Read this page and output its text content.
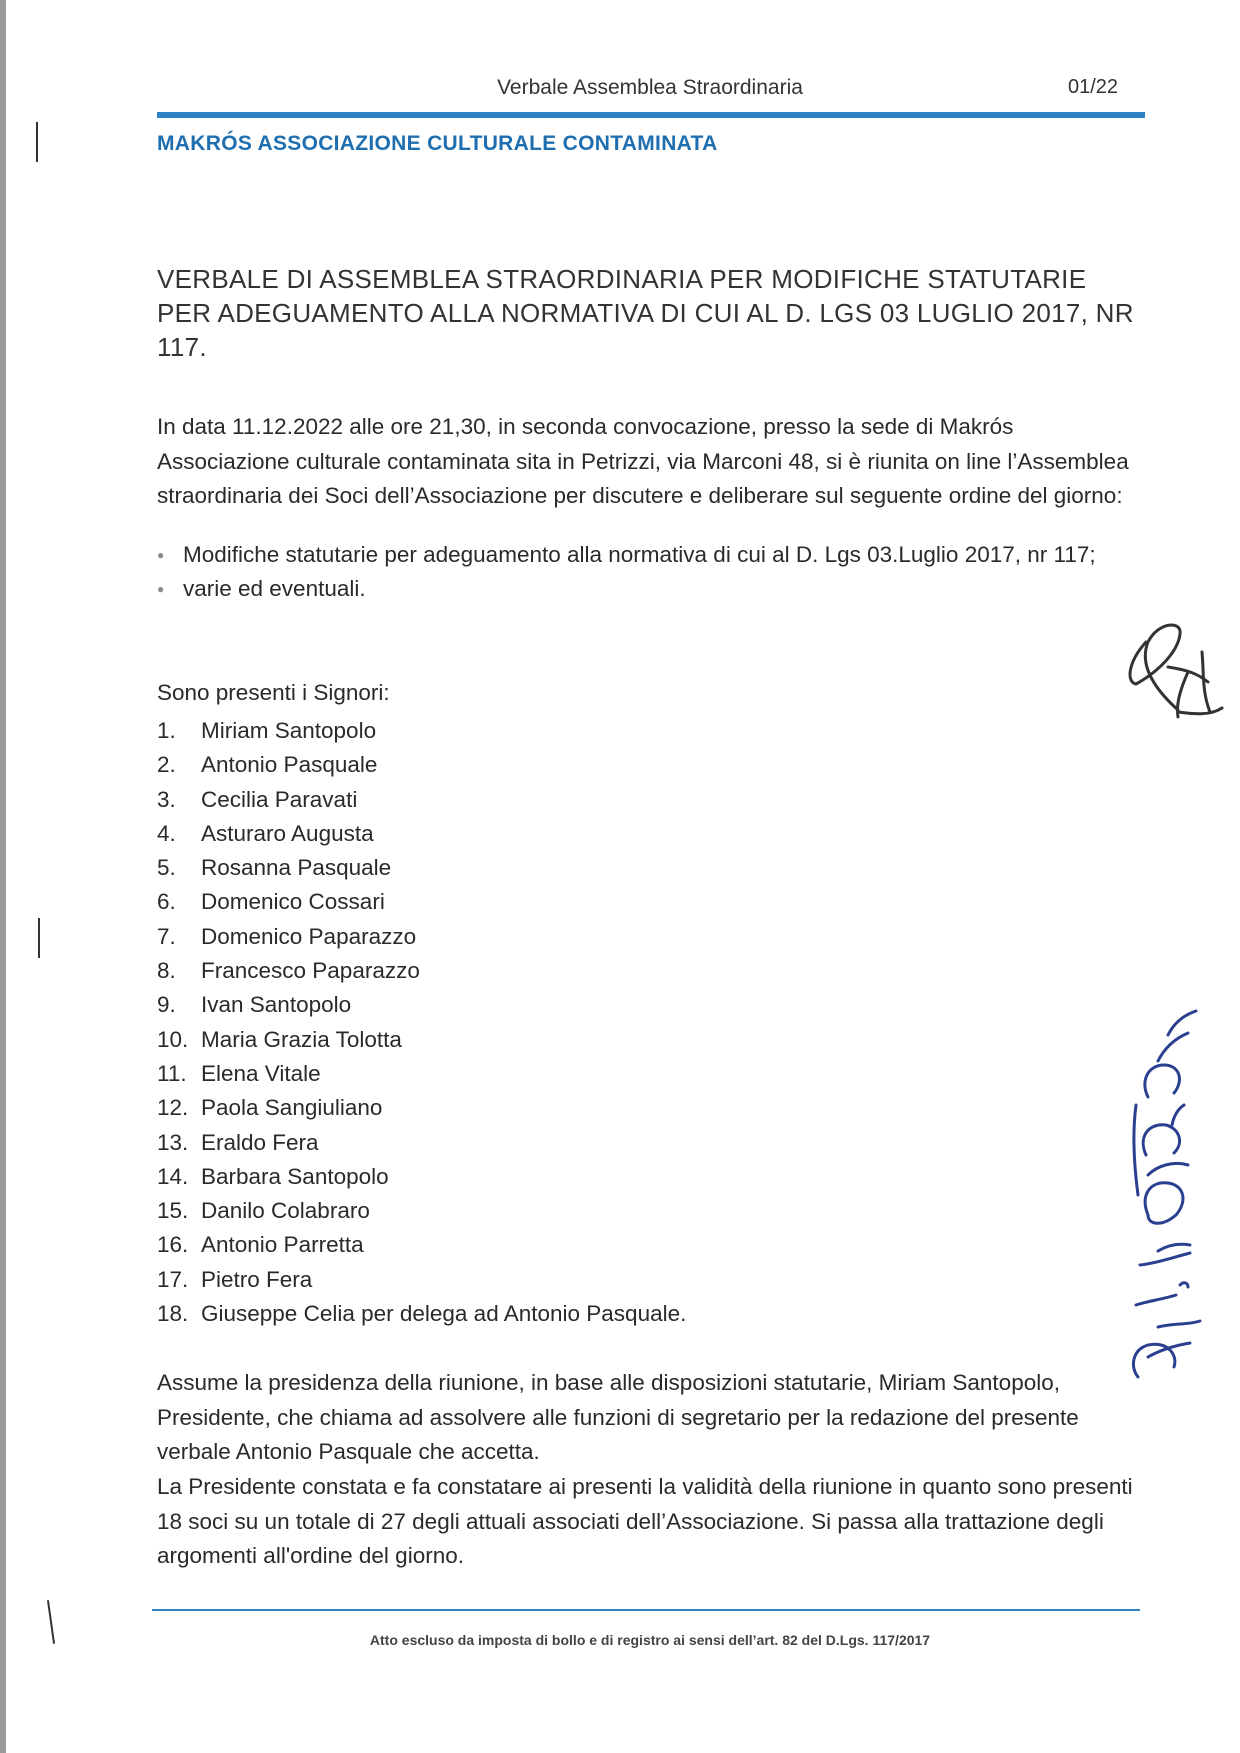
Verbale Assemblea Straordinaria	01/22
MAKRÓS ASSOCIAZIONE CULTURALE CONTAMINATA
VERBALE DI ASSEMBLEA STRAORDINARIA PER MODIFICHE STATUTARIE PER ADEGUAMENTO ALLA NORMATIVA DI CUI AL D. LGS 03 LUGLIO 2017, NR 117.
In data 11.12.2022 alle ore 21,30, in seconda convocazione, presso la sede di Makrós Associazione culturale contaminata sita in Petrizzi, via Marconi 48, si è riunita on line l’Assemblea straordinaria dei Soci dell’Associazione per discutere e deliberare sul seguente ordine del giorno:
● Modifiche statutarie per adeguamento alla normativa di cui al D. Lgs 03.Luglio 2017, nr 117;
● varie ed eventuali.
Sono presenti i Signori:
1. Miriam Santopolo
2. Antonio Pasquale
3. Cecilia Paravati
4. Asturaro Augusta
5. Rosanna Pasquale
6. Domenico Cossari
7. Domenico Paparazzo
8. Francesco Paparazzo
9. Ivan Santopolo
10. Maria Grazia Tolotta
11. Elena Vitale
12. Paola Sangiuliano
13. Eraldo Fera
14. Barbara Santopolo
15. Danilo Colabraro
16. Antonio Parretta
17. Pietro Fera
18. Giuseppe Celia per delega ad Antonio Pasquale.
Assume la presidenza della riunione, in base alle disposizioni statutarie, Miriam Santopolo, Presidente, che chiama ad assolvere alle funzioni di segretario per la redazione del presente verbale Antonio Pasquale che accetta.
La Presidente constata e fa constatare ai presenti la validità della riunione in quanto sono presenti 18 soci su un totale di 27 degli attuali associati dell’Associazione. Si passa alla trattazione degli argomenti all'ordine del giorno.
Atto escluso da imposta di bollo e di registro ai sensi dell’art. 82 del D.Lgs. 117/2017
